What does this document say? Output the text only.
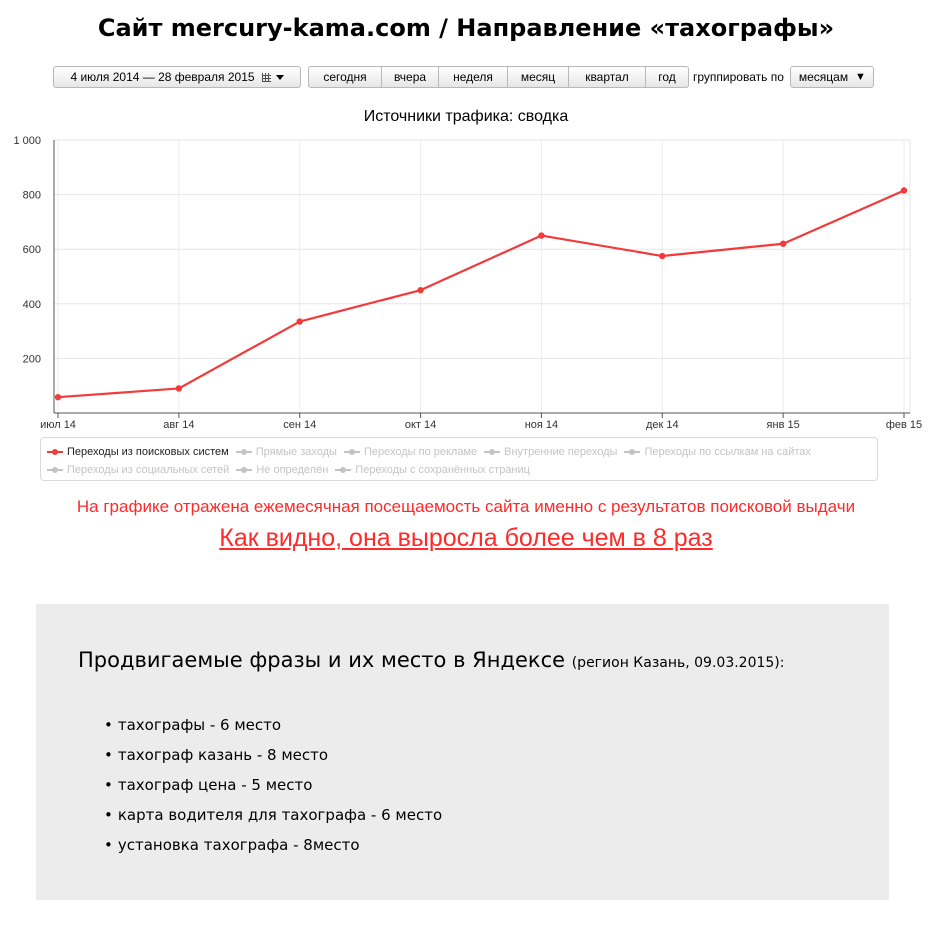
Сайт mercury-kama.com / Направление «тахографы»
4 июля 2014 — 28 февраля 2015	сегодня	вчера	неделя	месяц	квартал	год	группировать по месяцам ▼
Источники трафика: сводка
200
400
600
800
1 000
июл 14	авг 14	сен 14	окт 14	ноя 14	дек 14	янв 15	фев 15
Переходы из поисковых систем Прямые заходы Переходы по рекламе Внутренние переходы Переходы по ссылкам на сайтах
Переходы из социальных сетей Не определён Переходы с сохранённых страниц
На графике отражена ежемесячная посещаемость сайта именно с результатов поисковой выдачи
Как видно, она выросла более чем в 8 раз
Продвигаемые фразы и их место в Яндексе (регион Казань, 09.03.2015):
• тахографы - 6 место
• тахограф казань - 8 место
• тахограф цена - 5 место
• карта водителя для тахографа - 6 место
• установка тахографа - 8место
